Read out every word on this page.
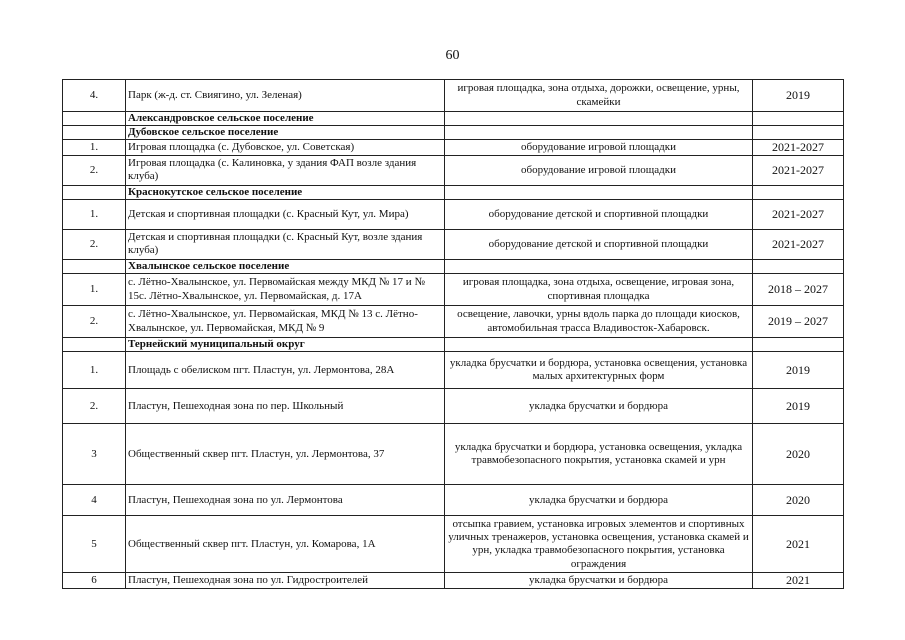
60
4.	Парк (ж-д. ст. Свиягино, ул. Зеленая)	игровая площадка, зона отдыха, дорожки, освещение, урны, скамейки	2019
	Александровское сельское поселение		
	Дубовское сельское поселение		
1.	Игровая площадка (с. Дубовское, ул. Советская)	оборудование игровой площадки	2021-2027
2.	Игровая площадка (с. Калиновка, у здания ФАП возле здания клуба)	оборудование игровой площадки	2021-2027
	Краснокутское сельское поселение		
1.	Детская и спортивная площадки (с. Красный Кут, ул. Мира)	оборудование детской и спортивной площадки	2021-2027
2.	Детская и спортивная площадки (с. Красный Кут, возле здания клуба)	оборудование детской и спортивной площадки	2021-2027
	Хвалынское сельское поселение		
1.	с. Лётно-Хвалынское, ул. Первомайская между МКД № 17 и № 15с. Лётно-Хвалынское, ул. Первомайская, д. 17А	игровая площадка, зона отдыха, освещение, игровая зона, спортивная площадка	2018 – 2027
2.	с. Лётно-Хвалынское, ул. Первомайская, МКД № 13 с. Лётно-Хвалынское, ул. Первомайская, МКД № 9	освещение, лавочки, урны вдоль парка до площади киосков, автомобильная трасса Владивосток-Хабаровск.	2019 – 2027
	Тернейский муниципальный округ		
1.	Площадь с обелиском пгт. Пластун, ул. Лермонтова, 28А	укладка брусчатки и бордюра, установка освещения, установка малых архитектурных форм	2019
2.	Пластун, Пешеходная зона по пер. Школьный	укладка брусчатки и бордюра	2019
3	Общественный сквер пгт. Пластун, ул. Лермонтова, 37	укладка брусчатки и бордюра, установка освещения, укладка травмобезопасного покрытия, установка скамей и урн	2020
4	Пластун, Пешеходная зона по ул. Лермонтова	укладка брусчатки и бордюра	2020
5	Общественный сквер пгт. Пластун, ул. Комарова, 1А	отсыпка гравием, установка игровых элементов и спортивных уличных тренажеров, установка освещения, установка скамей и урн, укладка травмобезопасного покрытия, установка ограждения	2021
6	Пластун, Пешеходная зона по ул. Гидростроителей	укладка брусчатки и бордюра	2021
